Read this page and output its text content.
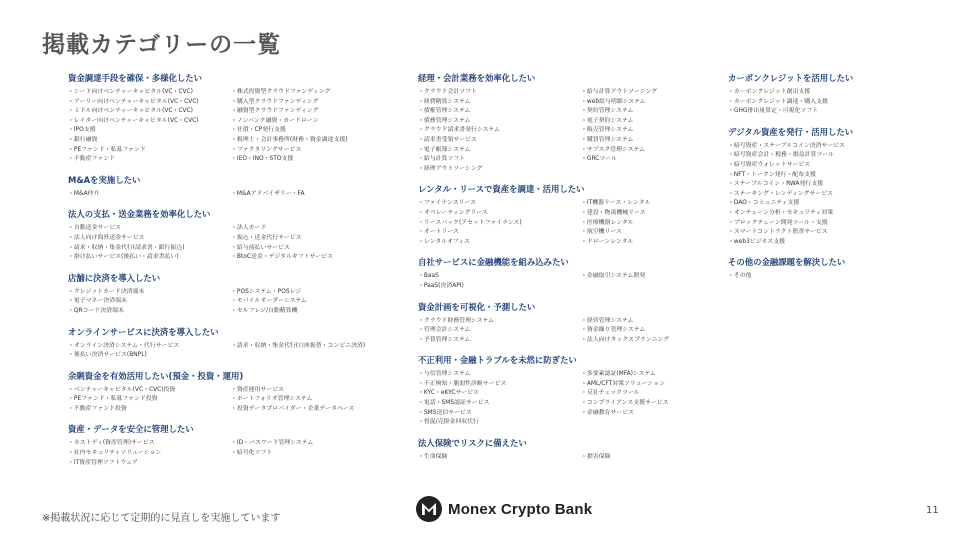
掲載カテゴリーの一覧
資金調達手段を確保・多様化したい
・シード向けベンチャーキャピタル(VC・CVC)
・アーリー向けベンチャーキャピタル(VC・CVC)
・ミドル向けベンチャーキャピタル(VC・CVC)
・レイター向けベンチャーキャピタル(VC・CVC)
・IPO支援
・銀行融資
・PEファンド・私募ファンド
・不動産ファンド
・株式投資型クラウドファンディング
・購入型クラウドファンディング
・融資型クラウドファンディング
・ノンバンク融資・カードローン
・社債・CP発行支援
・税理士・会計事務所(財務・資金調達支援)
・ファクタリングサービス
・IEO・INO・STO支援
M&Aを実施したい
・M&A仲介	・M&Aアドバイザリー・FA
法人の支払・送金業務を効率化したい
・自動送金サービス
・法人向け海外送金サービス
・請求・収納・集金代行(請求書・銀行振込)
・掛け払いサービス(後払い・請求書払い)
・法人カード
・振込・送金代行サービス
・給与前払いサービス
・BtoC送金・デジタルギフトサービス
店舗に決済を導入したい
・クレジットカード決済端末
・電子マネー決済端末
・QRコード決済端末
・POSシステム・POSレジ
・モバイルオーダーシステム
・セルフレジ/自動精算機
オンラインサービスに決済を導入したい
・オンライン決済システム・代行サービス
・後払い決済サービス(BNPL)
・請求・収納・集金代行(口座振替・コンビニ決済)
余剰資金を有効活用したい(預金・投資・運用)
・ベンチャーキャピタル(VC・CVC)投資
・PEファンド・私募ファンド投資
・不動産ファンド投資
・資産運用サービス
・ポートフォリオ管理システム
・投資データプロバイダー・企業データベース
資産・データを安全に管理したい
・カストディ(資産管理)サービス
・社内セキュリティソリューション
・IT資産管理ソフトウェア
・ID・パスワード管理システム
・暗号化ソフト
経理・会計業務を効率化したい
・クラウド会計ソフト
・経費精算システム
・債権管理システム
・債務管理システム
・クラウド請求書発行システム
・請求書受領サービス
・電子帳簿システム
・給与計算ソフト
・経理アウトソーシング
・給与計算アウトソーシング
・web給与明細システム
・契約管理システム
・電子契約システム
・販売管理システム
・購買管理システム
・サブスク管理システム
・GRCツール
レンタル・リースで資産を調達・活用したい
・ファイナンスリース
・オペレーティングリース
・リースバック(アセットファイナンス)
・オートリース
・レンタルオフィス
・IT機器リース・レンタル
・建設・物流機械リース
・医療機器レンタル
・航空機リース
・ドローンレンタル
自社サービスに金融機能を組み込みたい
・BaaS
・PaaS(決済API)
・金融取引システム開発
資金計画を可視化・予測したい
・クラウド財務管理システム
・管理会計システム
・予算管理システム
・経営管理システム
・資金繰り管理システム
・法人向けタックスプランニング
不正利用・金融トラブルを未然に防ぎたい
・与信管理システム
・不正検知・脆弱性診断サービス
・KYC・eKYCサービス
・電話・SMS認証サービス
・SMS送信サービス
・督促/売掛金回収代行
・多要素認証(MFA)システム
・AML/CFT対策ソリューション
・反社チェックツール
・コンプライアンス支援サービス
・金融教育サービス
法人保険でリスクに備えたい
・生命保険	・損害保険
カーボンクレジットを活用したい
・カーボンクレジット創出支援
・カーボンクレジット調達・購入支援
・GHG排出量算定・可視化ソフト
デジタル資産を発行・活用したい
・暗号資産・ステーブルコイン決済サービス
・暗号資産会計・税務・損益計算ツール
・暗号資産ウォレットサービス
・NFT・トークン発行・配布支援
・ステーブルコイン・RWA発行支援
・ステーキング・レンディングサービス
・DAO・コミュニティ支援
・オンチェーン分析・セキュリティ対策
・ブロックチェーン開発ツール・支援
・スマートコントラクト監査サービス
・web3ビジネス支援
その他の金融課題を解決したい
・その他
※掲載状況に応じて定期的に見直しを実施しています
Monex Crypto Bank	11
